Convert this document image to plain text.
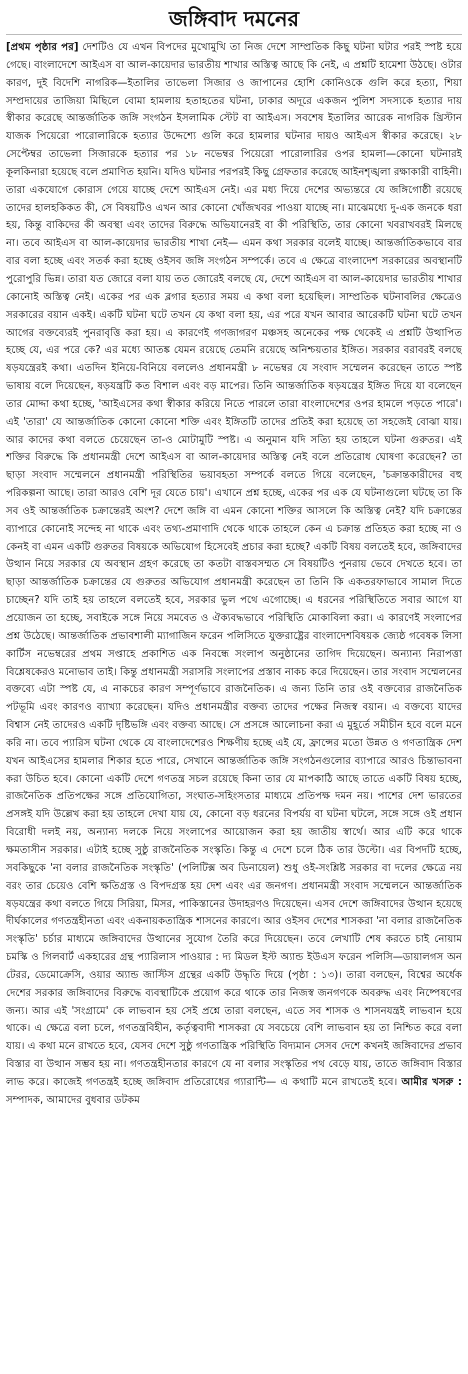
জঙ্গিবাদ দমনের

[প্রথম পৃষ্ঠার পর] দেশটিও যে এখন বিপদের মুখোমুখি তা নিজ দেশে সাম্প্রতিক কিছু ঘটনা ঘটার পরই স্পষ্ট হয়ে গেছে। বাংলাদেশে আইএস বা আল-কায়েদার ভারতীয় শাখার অস্তিত্ব আছে কি নেই, এ প্রশ্নটি হামেশা উঠছে। ওটার কারণ, দুই বিদেশি নাগরিক—ইতালির তাভেলা সিজার ও জাপানের হোশি কোনিওকে গুলি করে হত্যা, শিয়া সম্প্রদায়ের তাজিয়া মিছিলে বোমা হামলায় হতাহতের ঘটনা, ঢাকার অদূরে একজন পুলিশ সদস্যকে হত্যার দায় স্বীকার করেছে আন্তর্জাতিক জঙ্গি সংগঠন ইসলামিক স্টেট বা আইএস। সবশেষ ইতালির আরেক নাগরিক খ্রিস্টান যাজক পিয়েরো পারোলারিকে হত্যার উদ্দেশ্যে গুলি করে হামলার ঘটনার দায়ও আইএস স্বীকার করেছে। ২৮ সেপ্টেম্বর তাভেলা সিজারকে হত্যার পর ১৮ নভেম্বর পিয়েরো পারোলারির ওপর হামলা—কোনো ঘটনারই কূলকিনারা হয়েছে বলে প্রমাণিত হয়নি। যদিও ঘটনার পরপরই কিছু গ্রেফতার করেছে আইনশৃঙ্খলা রক্ষাকারী বাহিনী। তারা একযোগে কোরাস গেয়ে যাচ্ছে দেশে আইএস নেই। এর মধ্য দিয়ে দেশের অভ্যন্তরে যে জঙ্গিগোষ্ঠী রয়েছে তাদের হালহকিকত কী, সে বিষয়টিও এখন আর কোনো খোঁজখবর পাওয়া যাচ্ছে না। মাঝেমধ্যে দু-এক জনকে ধরা হয়, কিন্তু বাকিদের কী অবস্থা এবং তাদের বিরুদ্ধে অভিযানেরই বা কী পরিস্থিতি, তার কোনো খবরাখবরই মিলছে না। তবে আইএস বা আল-কায়েদার ভারতীয় শাখা নেই— এমন কথা সরকার বলেই যাচ্ছে। আন্তর্জাতিকভাবে বার বার বলা হচ্ছে এবং সতর্ক করা হচ্ছে ওইসব জঙ্গি সংগঠন সম্পর্কে। তবে এ ক্ষেত্রে বাংলাদেশ সরকারের অবস্থানটি পুরোপুরি ভিন্ন। তারা যত জোরে বলা যায় তত জোরেই বলছে যে, দেশে আইএস বা আল-কায়েদার ভারতীয় শাখার কোনোই অস্তিত্ব নেই। একের পর এক ব্লগার হত্যার সময় এ কথা বলা হয়েছিল। সাম্প্রতিক ঘটনাবলির ক্ষেত্রেও সরকারের বয়ান একই। একটি ঘটনা ঘটে তখন যে কথা বলা হয়, এর পরে যখন আবার আরেকটি ঘটনা ঘটে তখন আগের বক্তব্যেরই পুনরাবৃত্তি করা হয়। এ কারণেই গণজাগরণ মঞ্চসহ অনেকের পক্ষ থেকেই এ প্রশ্নটি উত্থাপিত হচ্ছে যে, এর পরে কে? এর মধ্যে আতঙ্ক যেমন রয়েছে তেমনি রয়েছে অনিশ্চয়তার ইঙ্গিত। সরকার বরাবরই বলছে ষড়যন্ত্রেরই কথা। এতদিন ইনিয়ে-বিনিয়ে বললেও প্রধানমন্ত্রী ৮ নভেম্বর যে সংবাদ সম্মেলন করেছেন তাতে স্পষ্ট ভাষায় বলে দিয়েছেন, ষড়যন্ত্রটি কত বিশাল এবং বড় মাপের। তিনি আন্তর্জাতিক ষড়যন্ত্রের ইঙ্গিত দিয়ে যা বলেছেন তার মোদ্দা কথা হচ্ছে, 'আইএসের কথা স্বীকার করিয়ে নিতে পারলে তারা বাংলাদেশের ওপর হামলে পড়তে পারে'। এই 'তারা' যে আন্তর্জাতিক কোনো কোনো শক্তি এবং ইঙ্গিতটি তাদের প্রতিই করা হয়েছে তা সহজেই বোঝা যায়। আর কাদের কথা বলতে চেয়েছেন তা-ও মোটামুটি স্পষ্ট। এ অনুমান যদি সত্যি হয় তাহলে ঘটনা গুরুতর। এই শক্তির বিরুদ্ধে কি প্রধানমন্ত্রী দেশে আইএস বা আল-কায়েদার অস্তিত্ব নেই বলে প্রতিরোধ ঘোষণা করেছেন? তা ছাড়া সংবাদ সম্মেলনে প্রধানমন্ত্রী পরিস্থিতির ভয়াবহতা সম্পর্কে বলতে গিয়ে বলেছেন, 'চক্রান্তকারীদের বহু পরিকল্পনা আছে। তারা আরও বেশি দূর যেতে চায়'। এখানে প্রশ্ন হচ্ছে, একের পর এক যে ঘটনাগুলো ঘটছে তা কি সব ওই আন্তর্জাতিক চক্রান্তেরই অংশ? দেশে জঙ্গি বা এমন কোনো শক্তির আসলে কি অস্তিত্ব নেই? যদি চক্রান্তের ব্যাপারে কোনোই সন্দেহ না থাকে এবং তথ্য-প্রমাণাদি থেকে থাকে তাহলে কেন এ চক্রান্ত প্রতিহত করা হচ্ছে না ও কেনই বা এমন একটি গুরুতর বিষয়কে অভিযোগ হিসেবেই প্রচার করা হচ্ছে? একটি বিষয় বলতেই হবে, জঙ্গিবাদের উত্থান নিয়ে সরকার যে অবস্থান গ্রহণ করেছে তা কতটা বাস্তবসম্মত সে বিষয়টিও পুনরায় ভেবে দেখতে হবে। তা ছাড়া আন্তর্জাতিক চক্রান্তের যে গুরুতর অভিযোগ প্রধানমন্ত্রী করেছেন তা তিনি কি একতরফাভাবে সামাল দিতে চাচ্ছেন? যদি তাই হয় তাহলে বলতেই হবে, সরকার ভুল পথে এগোচ্ছে। এ ধরনের পরিস্থিতিতে সবার আগে যা প্রয়োজন তা হচ্ছে, সবাইকে সঙ্গে নিয়ে সমবেত ও ঐক্যবদ্ধভাবে পরিস্থিতি মোকাবিলা করা। এ কারণেই সংলাপের প্রশ্ন উঠেছে। আন্তর্জাতিক প্রভাবশালী ম্যাগাজিন ফরেন পলিসিতে যুক্তরাষ্ট্রের বাংলাদেশবিষয়ক জ্যেষ্ঠ গবেষক লিসা কার্টিস নভেম্বরের প্রথম সপ্তাহে প্রকাশিত এক নিবন্ধে সংলাপ অনুষ্ঠানের তাগিদ দিয়েছেন। অন্যান্য নিরাপত্তা বিশ্লেষকেরও মনোভাব তাই। কিন্তু প্রধানমন্ত্রী সরাসরি সংলাপের প্রস্তাব নাকচ করে দিয়েছেন। তার সংবাদ সম্মেলনের বক্তব্যে এটা স্পষ্ট যে, এ নাকচের কারণ সম্পূর্ণভাবে রাজনৈতিক। এ জন্য তিনি তার ওই বক্তব্যের রাজনৈতিক পটভূমি এবং কারণও ব্যাখ্যা করেছেন। যদিও প্রধানমন্ত্রীর বক্তব্য তাদের পক্ষের নিজস্ব বয়ান। এ বক্তব্যে যাদের বিশ্বাস নেই তাদেরও একটি দৃষ্টিভঙ্গি এবং বক্তব্য আছে। সে প্রসঙ্গে আলোচনা করা এ মুহূর্তে সমীচীন হবে বলে মনে করি না। তবে প্যারিস ঘটনা থেকে যে বাংলাদেশেরও শিক্ষণীয় হচ্ছে এই যে, ফ্রান্সের মতো উন্নত ও গণতান্ত্রিক দেশ যখন আইএসের হামলার শিকার হতে পারে, সেখানে আন্তর্জাতিক জঙ্গি সংগঠনগুলোর ব্যাপারে আরও চিন্তাভাবনা করা উচিত হবে। কোনো একটি দেশে গণতন্ত্র সচল রয়েছে কিনা তার যে মাপকাঠি আছে তাতে একটি বিষয় হচ্ছে, রাজনৈতিক প্রতিপক্ষের সঙ্গে প্রতিযোগিতা, সংঘাত-সহিংসতার মাধ্যমে প্রতিপক্ষ দমন নয়। পাশের দেশ ভারতের প্রসঙ্গই যদি উল্লেখ করা হয় তাহলে দেখা যায় যে, কোনো বড় ধরনের বিপর্যয় বা ঘটনা ঘটলে, সঙ্গে সঙ্গে ওই প্রধান বিরোধী দলই নয়, অন্যান্য দলকে নিয়ে সংলাপের আয়োজন করা হয় জাতীয় স্বার্থে। আর এটি করে থাকে ক্ষমতাসীন সরকার। এটাই হচ্ছে সুষ্ঠু রাজনৈতিক সংস্কৃতি। কিন্তু এ দেশে চলে ঠিক তার উল্টো। এর বিপদটি হচ্ছে, সবকিছুকে 'না বলার রাজনৈতিক সংস্কৃতি' (পলিটিক্স অব ডিনায়েল) শুধু ওই-সংশ্লিষ্ট সরকার বা দলের ক্ষেত্রে নয় বরং তার চেয়েও বেশি ক্ষতিগ্রস্ত ও বিপদগ্রস্ত হয় দেশ এবং এর জনগণ। প্রধানমন্ত্রী সংবাদ সম্মেলনে আন্তর্জাতিক ষড়যন্ত্রের কথা বলতে গিয়ে সিরিয়া, মিসর, পাকিস্তানের উদাহরণও দিয়েছেন। এসব দেশে জঙ্গিবাদের উত্থান হয়েছে দীর্ঘকালের গণতন্ত্রহীনতা এবং একনায়কতান্ত্রিক শাসনের কারণে। আর ওইসব দেশের শাসকরা 'না বলার রাজনৈতিক সংস্কৃতি' চর্চার মাধ্যমে জঙ্গিবাদের উত্থানের সুযোগ তৈরি করে দিয়েছেন। তবে লেখাটি শেষ করতে চাই নোয়াম চমস্কি ও গিলবার্ট একহারের গ্রন্থ প্যারিলাস পাওয়ার : দ্য মিডল ইস্ট অ্যান্ড ইউএস ফরেন পলিসি—ডায়ালগস অন টেরর, ডেমোক্রেসি, ওয়ার অ্যান্ড জাস্টিস গ্রন্থের একটি উদ্ধৃতি দিয়ে (পৃষ্ঠা : ১৩)। তারা বলছেন, বিশ্বের অর্ধেক দেশের সরকার জঙ্গিবাদের বিরুদ্ধে ব্যবস্থাটিকে প্রয়োগ করে থাকে তার নিজস্ব জনগণকে অবরুদ্ধ এবং নিষ্পেষণের জন্য। আর এই 'সংগ্রামে' কে লাভবান হয় সেই প্রশ্নে তারা বলছেন, এতে সব শাসক ও শাসনযন্ত্রই লাভবান হয়ে থাকে। এ ক্ষেত্রে বলা চলে, গণতন্ত্রবিহীন, কর্তৃত্ববাদী শাসকরা যে সবচেয়ে বেশি লাভবান হয় তা নিশ্চিত করে বলা যায়। এ কথা মনে রাখতে হবে, যেসব দেশে সুষ্ঠু গণতান্ত্রিক পরিস্থিতি বিদ্যমান সেসব দেশে কখনই জঙ্গিবাদের প্রভাব বিস্তার বা উত্থান সম্ভব হয় না। গণতন্ত্রহীনতার কারণে যে না বলার সংস্কৃতির পথ বেড়ে যায়, তাতে জঙ্গিবাদ বিস্তার লাভ করে। কাজেই গণতন্ত্রই হচ্ছে জঙ্গিবাদ প্রতিরোধের গ্যারান্টি— এ কথাটি মনে রাখতেই হবে। আমীর খসরু : সম্পাদক, আমাদের বুধবার ডটকম
